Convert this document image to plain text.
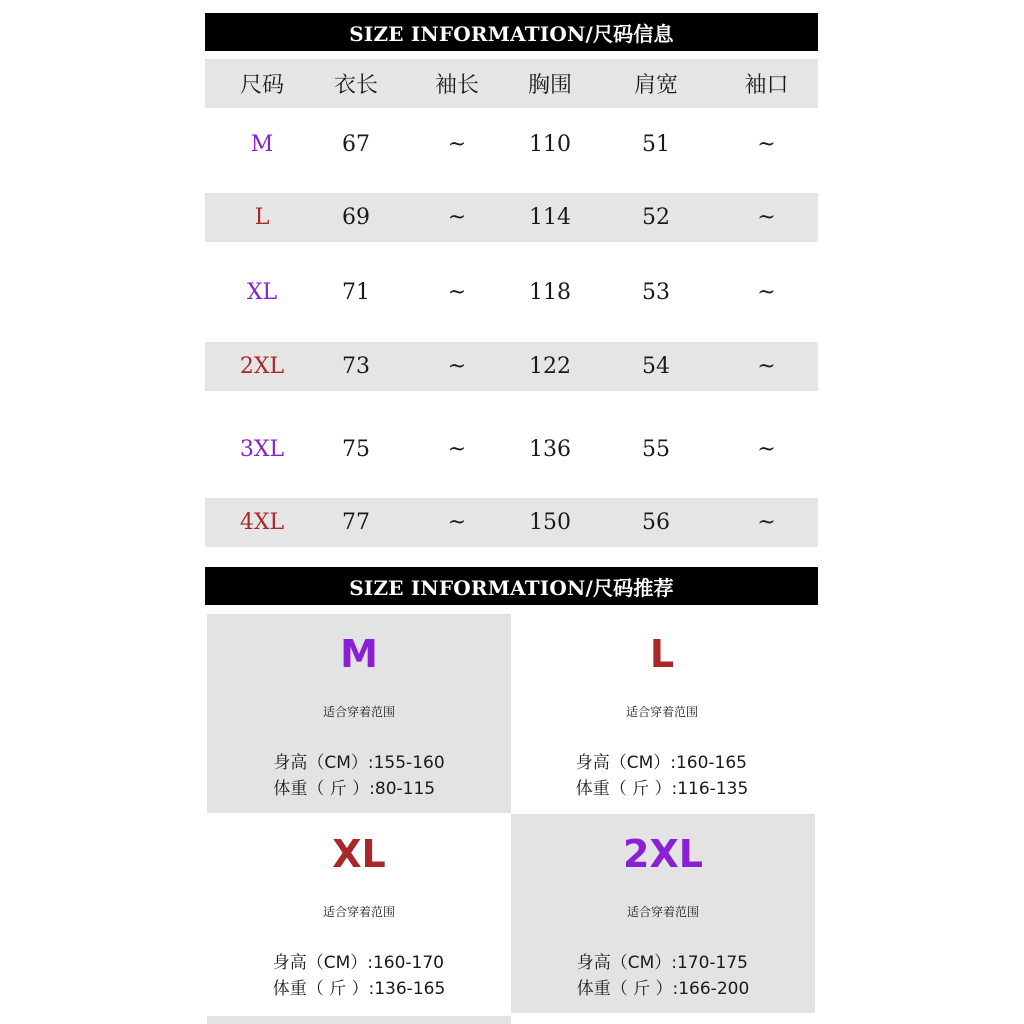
SIZE INFORMATION/尺码信息
尺码	衣长	袖长	胸围	肩宽	袖口
M	67	~	110	51	~
L	69	~	114	52	~
XL	71	~	118	53	~
2XL	73	~	122	54	~
3XL	75	~	136	55	~
4XL	77	~	150	56	~
SIZE INFORMATION/尺码推荐
M
适合穿着范围
身高（CM）:155-160
体重（ 斤 ）:80-115
L
适合穿着范围
身高（CM）:160-165
体重（ 斤 ）:116-135
XL
适合穿着范围
身高（CM）:160-170
体重（ 斤 ）:136-165
2XL
适合穿着范围
身高（CM）:170-175
体重（ 斤 ）:166-200
